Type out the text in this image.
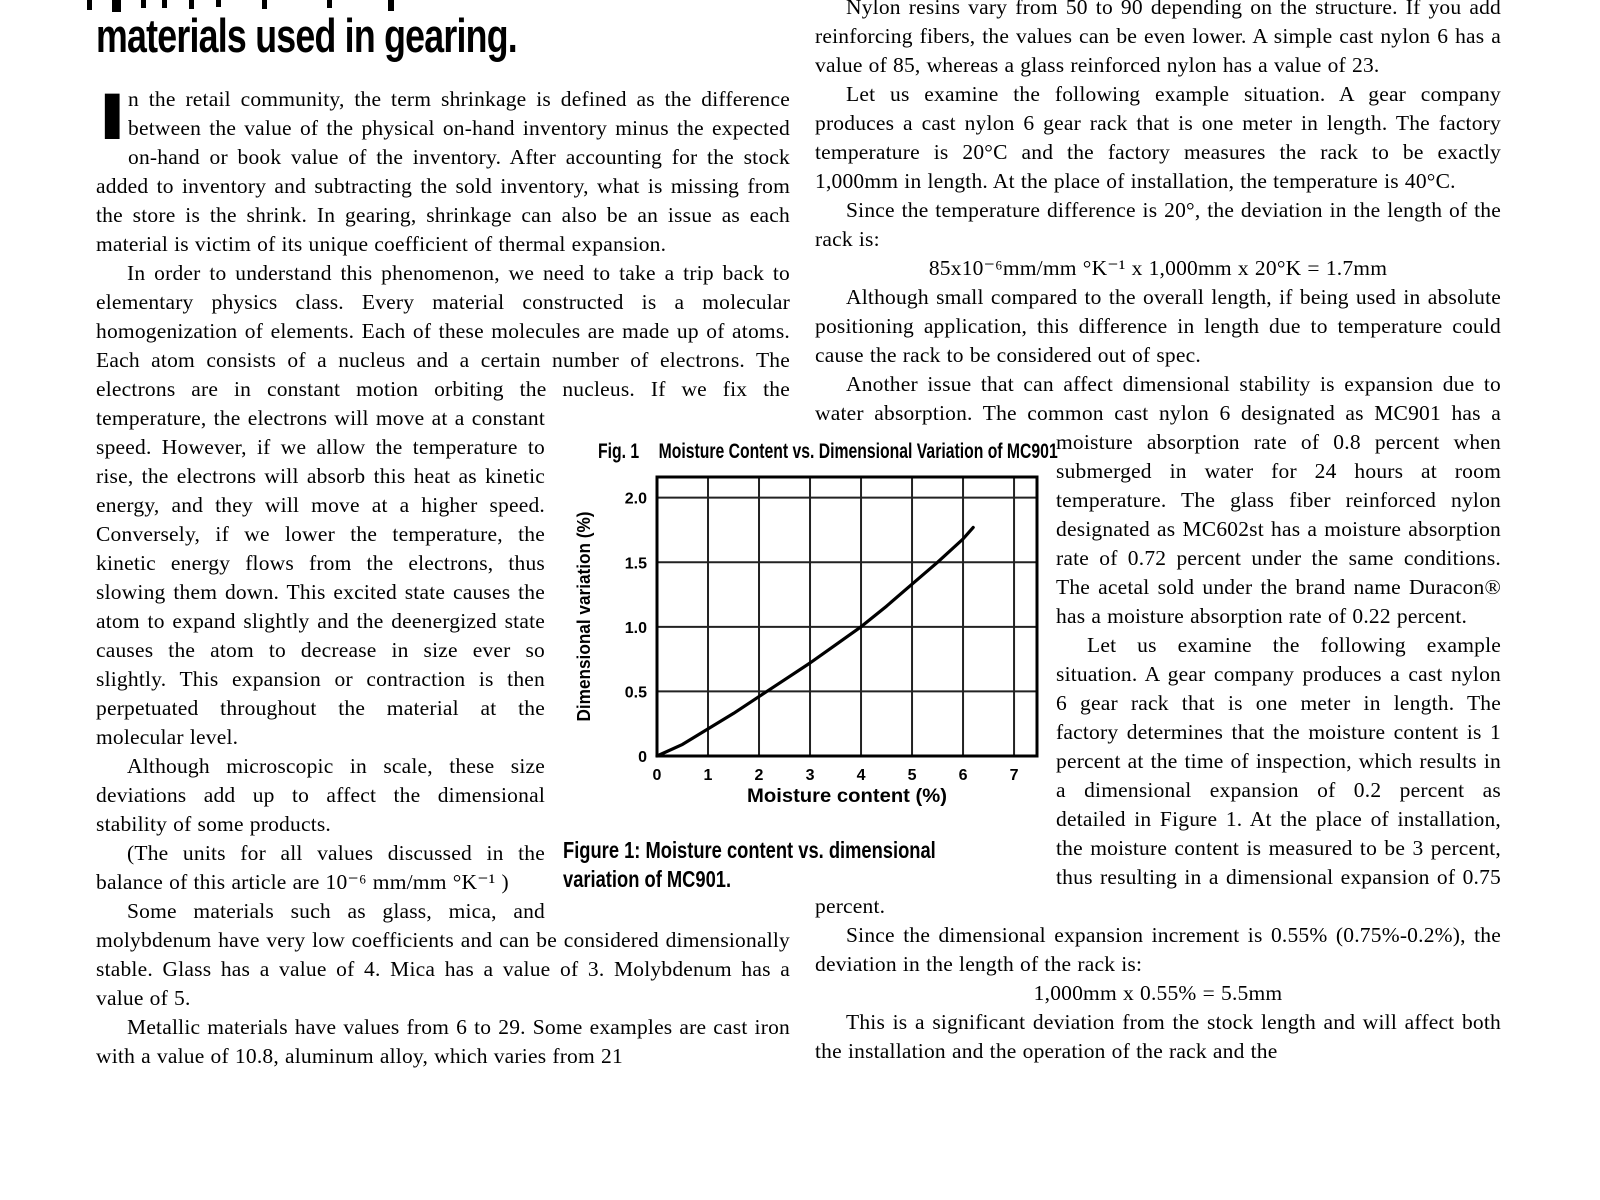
materials used in gearing.

In the retail community, the term shrinkage is defined as the difference between the value of the physical on-hand inventory minus the expected on-hand or book value of the inventory. After accounting for the stock added to inventory and subtracting the sold inventory, what is missing from the store is the shrink. In gearing, shrinkage can also be an issue as each material is victim of its unique coefficient of thermal expansion.

In order to understand this phenomenon, we need to take a trip back to elementary physics class. Every material constructed is a molecular homogenization of elements. Each of these molecules are made up of atoms. Each atom consists of a nucleus and a certain number of electrons. The electrons are in constant motion orbiting the nucleus. If we fix the temperature, the electrons will move at a constant speed. However, if we allow the temperature to rise, the electrons will absorb this heat as kinetic energy, and they will move at a higher speed. Conversely, if we lower the temperature, the kinetic energy flows from the electrons, thus slowing them down. This excited state causes the atom to expand slightly and the deenergized state causes the atom to decrease in size ever so slightly. This expansion or contraction is then perpetuated throughout the material at the molecular level.

Although microscopic in scale, these size deviations add up to affect the dimensional stability of some products.

(The units for all values discussed in the balance of this article are 10⁻⁶ mm/mm °K⁻¹ )

Some materials such as glass, mica, and molybdenum have very low coefficients and can be considered dimensionally stable. Glass has a value of 4. Mica has a value of 3. Molybdenum has a value of 5.

Metallic materials have values from 6 to 29. Some examples are cast iron with a value of 10.8, aluminum alloy, which varies from 21

Nylon resins vary from 50 to 90 depending on the structure. If you add reinforcing fibers, the values can be even lower. A simple cast nylon 6 has a value of 85, whereas a glass reinforced nylon has a value of 23.

Let us examine the following example situation. A gear company produces a cast nylon 6 gear rack that is one meter in length. The factory temperature is 20°C and the factory measures the rack to be exactly 1,000mm in length. At the place of installation, the temperature is 40°C.

Since the temperature difference is 20°, the deviation in the length of the rack is:

85x10⁻⁶mm/mm °K⁻¹ x 1,000mm x 20°K = 1.7mm

Although small compared to the overall length, if being used in absolute positioning application, this difference in length due to temperature could cause the rack to be considered out of spec.

Another issue that can affect dimensional stability is expansion due to water absorption. The common cast nylon 6 designated as MC901 has a moisture absorption rate of 0.8 percent when submerged in water for 24 hours at room temperature. The glass fiber reinforced nylon designated as MC602st has a moisture absorption rate of 0.72 percent under the same conditions. The acetal sold under the brand name Duracon® has a moisture absorption rate of 0.22 percent.

Let us examine the following example situation. A gear company produces a cast nylon 6 gear rack that is one meter in length. The factory determines that the moisture content is 1 percent at the time of inspection, which results in a dimensional expansion of 0.2 percent as detailed in Figure 1. At the place of installation, the moisture content is measured to be 3 percent, thus resulting in a dimensional expansion of 0.75 percent.

Since the dimensional expansion increment is 0.55% (0.75%-0.2%), the deviation in the length of the rack is:

1,000mm x 0.55% = 5.5mm

This is a significant deviation from the stock length and will affect both the installation and the operation of the rack and the

Fig. 1 Moisture Content vs. Dimensional Variation of MC901
2.0
1.5
1.0
0.5
0
0	1	2	3	4	5	6	7
Dimensional variation (%)
Moisture content (%)
Figure 1: Moisture content vs. dimensional variation of MC901.
